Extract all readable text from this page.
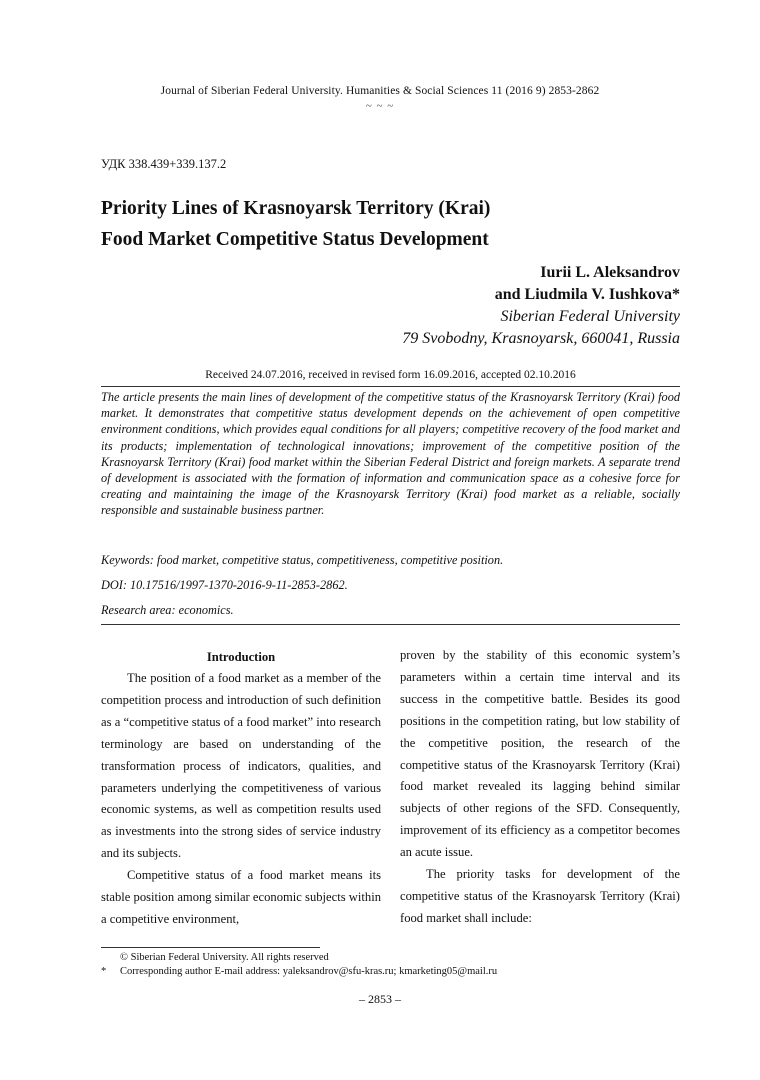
Journal of Siberian Federal University. Humanities & Social Sciences 11 (2016 9) 2853-2862
~ ~ ~
УДК 338.439+339.137.2
Priority Lines of Krasnoyarsk Territory (Krai)
Food Market Competitive Status Development
Iurii L. Aleksandrov
and Liudmila V. Iushkova*
Siberian Federal University
79 Svobodny, Krasnoyarsk, 660041, Russia
Received 24.07.2016, received in revised form 16.09.2016, accepted 02.10.2016

The article presents the main lines of development of the competitive status of the Krasnoyarsk Territory (Krai) food market. It demonstrates that competitive status development depends on the achievement of open competitive environment conditions, which provides equal conditions for all players; competitive recovery of the food market and its products; implementation of technological innovations; improvement of the competitive position of the Krasnoyarsk Territory (Krai) food market within the Siberian Federal District and foreign markets. A separate trend of development is associated with the formation of information and communication space as a cohesive force for creating and maintaining the image of the Krasnoyarsk Territory (Krai) food market as a reliable, socially responsible and sustainable business partner.

Keywords: food market, competitive status, competitiveness, competitive position.

DOI: 10.17516/1997-1370-2016-9-11-2853-2862.

Research area: economics.

Introduction

The position of a food market as a member of the competition process and introduction of such definition as a “competitive status of a food market” into research terminology are based on understanding of the transformation process of indicators, qualities, and parameters underlying the competitiveness of various economic systems, as well as competition results used as investments into the strong sides of service industry and its subjects.

Competitive status of a food market means its stable position among similar economic subjects within a competitive environment,

proven by the stability of this economic system’s parameters within a certain time interval and its success in the competitive battle. Besides its good positions in the competition rating, but low stability of the competitive position, the research of the competitive status of the Krasnoyarsk Territory (Krai) food market revealed its lagging behind similar subjects of other regions of the SFD. Consequently, improvement of its efficiency as a competitor becomes an acute issue.

The priority tasks for development of the competitive status of the Krasnoyarsk Territory (Krai) food market shall include:

© Siberian Federal University. All rights reserved
* Corresponding author E-mail address: yaleksandrov@sfu-kras.ru; kmarketing05@mail.ru
– 2853 –
